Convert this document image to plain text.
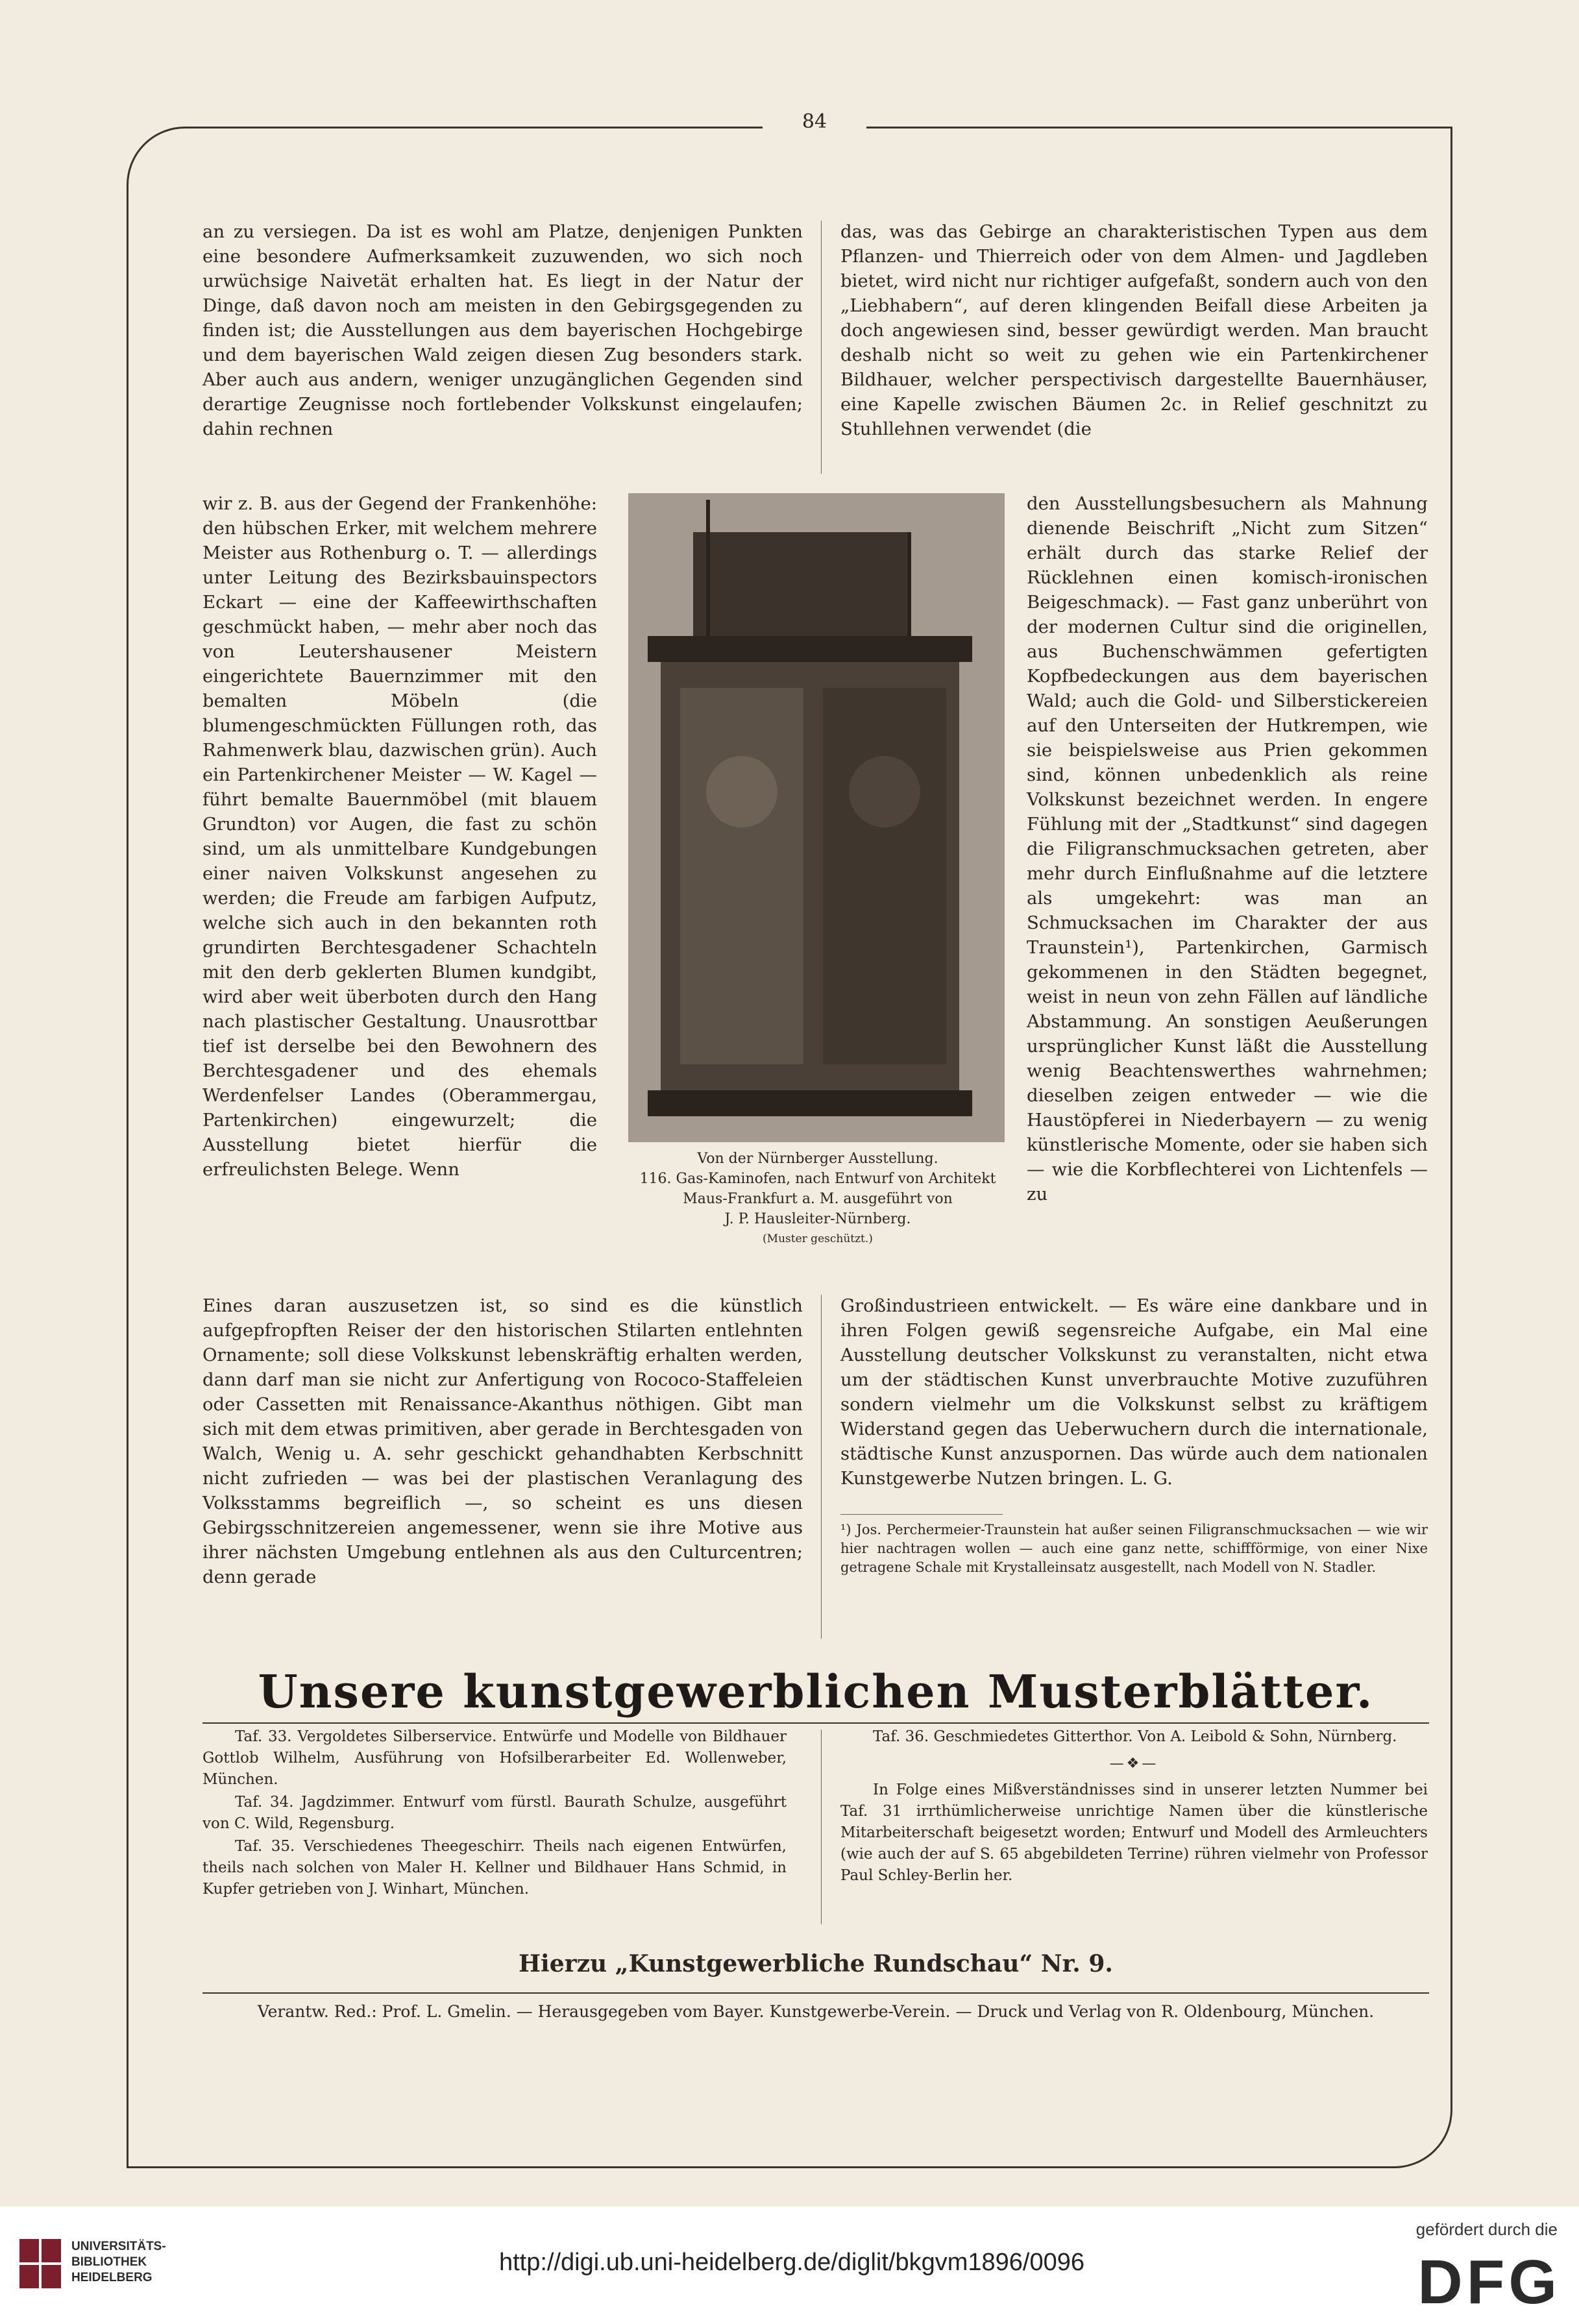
84

an zu versiegen. Da ist es wohl am Platze, denjenigen Punkten eine besondere Aufmerksamkeit zuzuwenden, wo sich noch urwüchsige Naivetät erhalten hat. Es liegt in der Natur der Dinge, daß davon noch am meisten in den Gebirgsgegenden zu finden ist; die Ausstellungen aus dem bayerischen Hochgebirge und dem bayerischen Wald zeigen diesen Zug besonders stark. Aber auch aus andern, weniger unzugänglichen Gegenden sind derartige Zeugnisse noch fortlebender Volkskunst eingelaufen; dahin rechnen

das, was das Gebirge an charakteristischen Typen aus dem Pflanzen- und Thierreich oder von dem Almen- und Jagdleben bietet, wird nicht nur richtiger aufgefaßt, sondern auch von den „Liebhabern“, auf deren klingenden Beifall diese Arbeiten ja doch angewiesen sind, besser gewürdigt werden. Man braucht deshalb nicht so weit zu gehen wie ein Partenkirchener Bildhauer, welcher perspectivisch dargestellte Bauernhäuser, eine Kapelle zwischen Bäumen 2c. in Relief geschnitzt zu Stuhllehnen verwendet (die

wir z. B. aus der Gegend der Frankenhöhe: den hübschen Erker, mit welchem mehrere Meister aus Rothenburg o. T. — allerdings unter Leitung des Bezirksbauinspectors Eckart — eine der Kaffeewirthschaften geschmückt haben, — mehr aber noch das von Leutershausener Meistern eingerichtete Bauernzimmer mit den bemalten Möbeln (die blumengeschmückten Füllungen roth, das Rahmenwerk blau, dazwischen grün). Auch ein Partenkirchener Meister — W. Kagel — führt bemalte Bauernmöbel (mit blauem Grundton) vor Augen, die fast zu schön sind, um als unmittelbare Kundgebungen einer naiven Volkskunst angesehen zu werden; die Freude am farbigen Aufputz, welche sich auch in den bekannten roth grundirten Berchtesgadener Schachteln mit den derb geklerten Blumen kundgibt, wird aber weit überboten durch den Hang nach plastischer Gestaltung. Unausrottbar tief ist derselbe bei den Bewohnern des Berchtesgadener und des ehemals Werdenfelser Landes (Oberammergau, Partenkirchen) eingewurzelt; die Ausstellung bietet hierfür die erfreulichsten Belege. Wenn

den Ausstellungsbesuchern als Mahnung dienende Beischrift „Nicht zum Sitzen“ erhält durch das starke Relief der Rücklehnen einen komisch-ironischen Beigeschmack). — Fast ganz unberührt von der modernen Cultur sind die originellen, aus Buchenschwämmen gefertigten Kopfbedeckungen aus dem bayerischen Wald; auch die Gold- und Silberstickereien auf den Unterseiten der Hutkrempen, wie sie beispielsweise aus Prien gekommen sind, können unbedenklich als reine Volkskunst bezeichnet werden. In engere Fühlung mit der „Stadtkunst“ sind dagegen die Filigranschmucksachen getreten, aber mehr durch Einflußnahme auf die letztere als umgekehrt: was man an Schmucksachen im Charakter der aus Traunstein¹), Partenkirchen, Garmisch gekommenen in den Städten begegnet, weist in neun von zehn Fällen auf ländliche Abstammung. An sonstigen Aeußerungen ursprünglicher Kunst läßt die Ausstellung wenig Beachtenswerthes wahrnehmen; dieselben zeigen entweder — wie die Haustöpferei in Niederbayern — zu wenig künstlerische Momente, oder sie haben sich — wie die Korbflechterei von Lichtenfels — zu

Von der Nürnberger Ausstellung.
116. Gas-Kaminofen, nach Entwurf von Architekt
Maus-Frankfurt a. M. ausgeführt von
J. P. Hausleiter-Nürnberg.
(Muster geschützt.)

Eines daran auszusetzen ist, so sind es die künstlich aufgepfropften Reiser der den historischen Stilarten entlehnten Ornamente; soll diese Volkskunst lebenskräftig erhalten werden, dann darf man sie nicht zur Anfertigung von Rococo-Staffeleien oder Cassetten mit Renaissance-Akanthus nöthigen. Gibt man sich mit dem etwas primitiven, aber gerade in Berchtesgaden von Walch, Wenig u. A. sehr geschickt gehandhabten Kerbschnitt nicht zufrieden — was bei der plastischen Veranlagung des Volksstamms begreiflich —, so scheint es uns diesen Gebirgsschnitzereien angemessener, wenn sie ihre Motive aus ihrer nächsten Umgebung entlehnen als aus den Culturcentren; denn gerade

Großindustrieen entwickelt. — Es wäre eine dankbare und in ihren Folgen gewiß segensreiche Aufgabe, ein Mal eine Ausstellung deutscher Volkskunst zu veranstalten, nicht etwa um der städtischen Kunst unverbrauchte Motive zuzuführen sondern vielmehr um die Volkskunst selbst zu kräftigem Widerstand gegen das Ueberwuchern durch die internationale, städtische Kunst anzuspornen. Das würde auch dem nationalen Kunstgewerbe Nutzen bringen. L. G.

¹) Jos. Perchermeier-Traunstein hat außer seinen Filigranschmucksachen — wie wir hier nachtragen wollen — auch eine ganz nette, schiffförmige, von einer Nixe getragene Schale mit Krystalleinsatz ausgestellt, nach Modell von N. Stadler.
Unsere kunstgewerblichen Musterblätter.

Taf. 33. Vergoldetes Silberservice. Entwürfe und Modelle von Bildhauer Gottlob Wilhelm, Ausführung von Hofsilberarbeiter Ed. Wollenweber, München.

Taf. 34. Jagdzimmer. Entwurf vom fürstl. Baurath Schulze, ausgeführt von C. Wild, Regensburg.

Taf. 35. Verschiedenes Theegeschirr. Theils nach eigenen Entwürfen, theils nach solchen von Maler H. Kellner und Bildhauer Hans Schmid, in Kupfer getrieben von J. Winhart, München.

Taf. 36. Geschmiedetes Gitterthor. Von A. Leibold & Sohn, Nürnberg.

—❖—

In Folge eines Mißverständnisses sind in unserer letzten Nummer bei Taf. 31 irrthümlicherweise unrichtige Namen über die künstlerische Mitarbeiterschaft beigesetzt worden; Entwurf und Modell des Armleuchters (wie auch der auf S. 65 abgebildeten Terrine) rühren vielmehr von Professor Paul Schley-Berlin her.

Hierzu „Kunstgewerbliche Rundschau“ Nr. 9.
Verantw. Red.: Prof. L. Gmelin. — Herausgegeben vom Bayer. Kunstgewerbe-Verein. — Druck und Verlag von R. Oldenbourg, München.
UNIVERSITÄTS-
BIBLIOTHEK
HEIDELBERG
http://digi.ub.uni-heidelberg.de/diglit/bkgvm1896/0096
gefördert durch die
DFG
